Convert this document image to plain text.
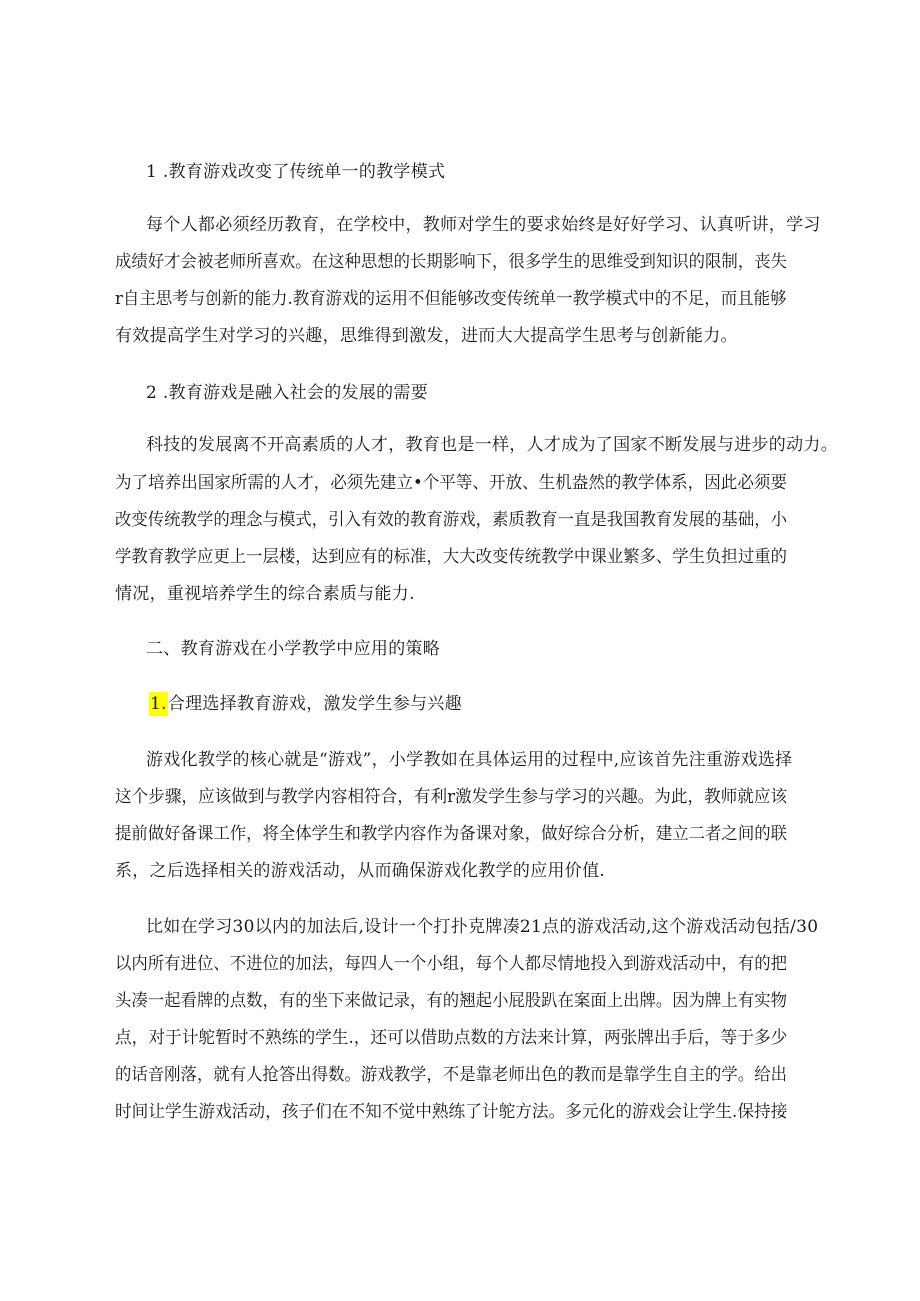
1 .教育游戏改变了传统单一的教学模式
每个人都必须经历教育，在学校中，教师对学生的要求始终是好好学习、认真听讲，学习
成绩好才会被老师所喜欢。在这种思想的长期影响下，很多学生的思维受到知识的限制，丧失
r自主思考与创新的能力.教育游戏的运用不但能够改变传统单一教学模式中的不足，而且能够
有效提高学生对学习的兴趣，思维得到激发，进而大大提高学生思考与创新能力。
2 .教育游戏是融入社会的发展的需要
科技的发展离不开高素质的人才，教育也是一样，人才成为了国家不断发展与进步的动力。
为了培养出国家所需的人才，必须先建立•个平等、开放、生机盎然的教学体系，因此必须要
改变传统教学的理念与模式，引入有效的教育游戏，素质教育一直是我国教育发展的基础，小
学教育教学应更上一层楼，达到应有的标准，大大改变传统教学中课业繁多、学生负担过重的
情况，重视培养学生的综合素质与能力.
二、教育游戏在小学教学中应用的策略
1.合理选择教育游戏，激发学生参与兴趣
游戏化教学的核心就是“游戏”，小学教如在具体运用的过程中,应该首先注重游戏选择
这个步骤，应该做到与教学内容相符合，有利r激发学生参与学习的兴趣。为此，教师就应该
提前做好备课工作，将全体学生和教学内容作为备课对象，做好综合分析，建立二者之间的联
系，之后选择相关的游戏活动，从而确保游戏化教学的应用价值.
比如在学习30以内的加法后,设计一个打扑克牌凑21点的游戏活动,这个游戏活动包括/30
以内所有进位、不进位的加法，每四人一个小组，每个人都尽情地投入到游戏活动中，有的把
头凑一起看牌的点数，有的坐下来做记录，有的翘起小屁股趴在案面上出牌。因为牌上有实物
点，对于计鸵暂时不熟练的学生.，还可以借助点数的方法来计算，两张牌出手后，等于多少
的话音刚落，就有人抢答出得数。游戏教学，不是靠老师出色的教而是靠学生自主的学。给出
时间让学生游戏活动，孩子们在不知不觉中熟练了计鸵方法。多元化的游戏会让学生.保持接
